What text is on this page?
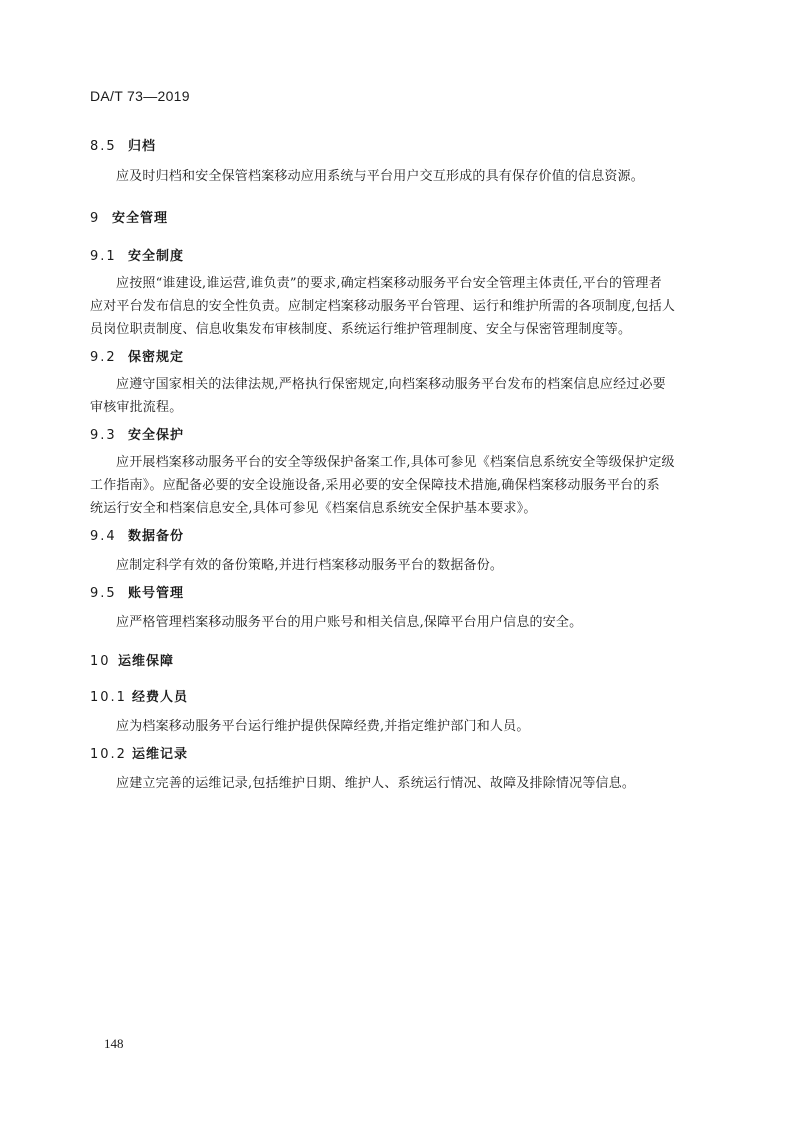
DA/T 73—2019
8.5 归档
应及时归档和安全保管档案移动应用系统与平台用户交互形成的具有保存价值的信息资源。
9 安全管理
9.1 安全制度
应按照“谁建设,谁运营,谁负责”的要求,确定档案移动服务平台安全管理主体责任,平台的管理者
应对平台发布信息的安全性负责。应制定档案移动服务平台管理、运行和维护所需的各项制度,包括人
员岗位职责制度、信息收集发布审核制度、系统运行维护管理制度、安全与保密管理制度等。
9.2 保密规定
应遵守国家相关的法律法规,严格执行保密规定,向档案移动服务平台发布的档案信息应经过必要
审核审批流程。
9.3 安全保护
应开展档案移动服务平台的安全等级保护备案工作,具体可参见《档案信息系统安全等级保护定级
工作指南》。应配备必要的安全设施设备,采用必要的安全保障技术措施,确保档案移动服务平台的系
统运行安全和档案信息安全,具体可参见《档案信息系统安全保护基本要求》。
9.4 数据备份
应制定科学有效的备份策略,并进行档案移动服务平台的数据备份。
9.5 账号管理
应严格管理档案移动服务平台的用户账号和相关信息,保障平台用户信息的安全。
10 运维保障
10.1 经费人员
应为档案移动服务平台运行维护提供保障经费,并指定维护部门和人员。
10.2 运维记录
应建立完善的运维记录,包括维护日期、维护人、系统运行情况、故障及排除情况等信息。
148
